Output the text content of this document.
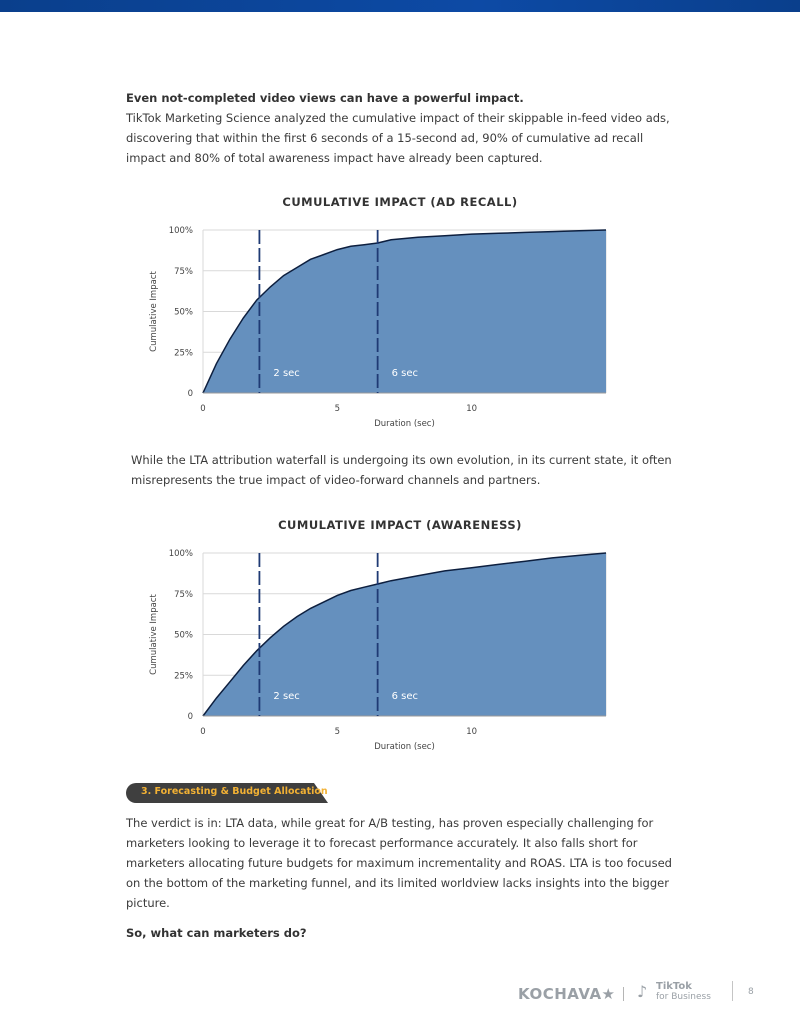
Even not-completed video views can have a powerful impact.
TikTok Marketing Science analyzed the cumulative impact of their skippable in-feed video ads, discovering that within the first 6 seconds of a 15-second ad, 90% of cumulative ad recall impact and 80% of total awareness impact have already been captured.
CUMULATIVE IMPACT (AD RECALL)
0
25%
50%
75%
100%
0	5	10
2 sec	6 sec
Duration (sec)
Cumulative Impact
While the LTA attribution waterfall is undergoing its own evolution, in its current state, it often misrepresents the true impact of video-forward channels and partners.
CUMULATIVE IMPACT (AWARENESS)
0
25%
50%
75%
100%
0	5	10
2 sec	6 sec
Duration (sec)
Cumulative Impact
3. Forecasting & Budget Allocation
The verdict is in: LTA data, while great for A/B testing, has proven especially challenging for marketers looking to leverage it to forecast performance accurately. It also falls short for marketers allocating future budgets for maximum incrementality and ROAS. LTA is too focused on the bottom of the marketing funnel, and its limited worldview lacks insights into the bigger picture.
So, what can marketers do?
KOCHAVA★ ♪ TikTok
for Business	8
